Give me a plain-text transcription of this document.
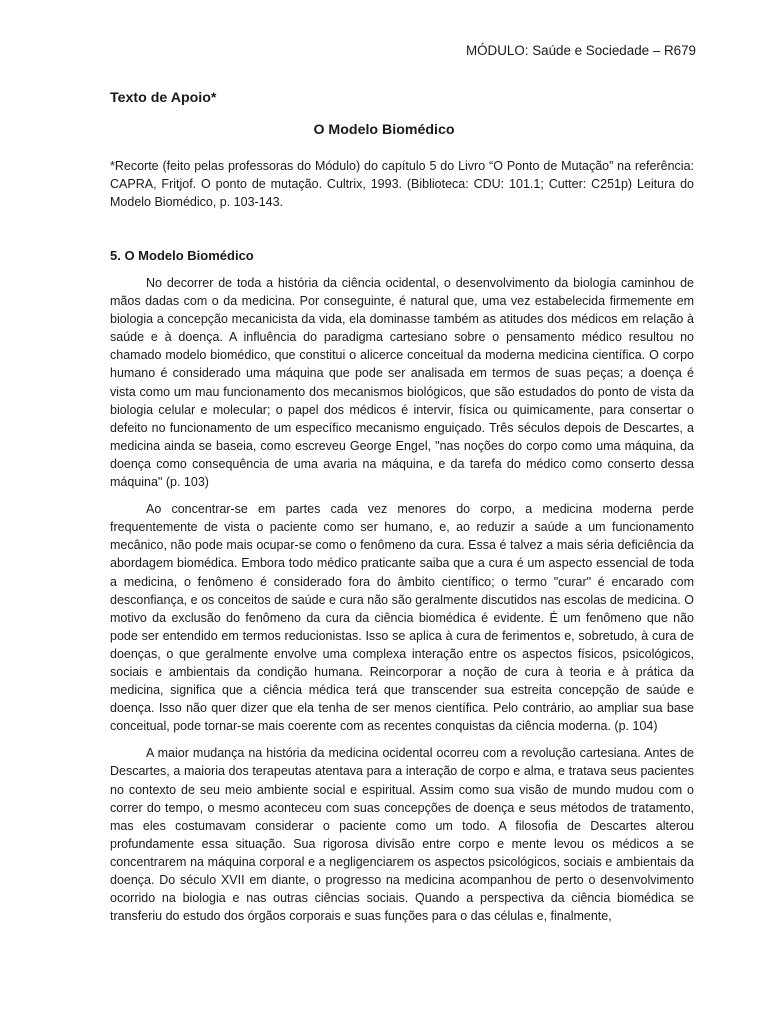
MÓDULO: Saúde e Sociedade – R679
Texto de Apoio*
O Modelo Biomédico
*Recorte (feito pelas professoras do Módulo) do capítulo 5 do Livro “O Ponto de Mutação” na referência: CAPRA, Fritjof. O ponto de mutação. Cultrix, 1993. (Biblioteca: CDU: 101.1; Cutter: C251p) Leitura do Modelo Biomédico, p. 103-143.
5. O Modelo Biomédico

No decorrer de toda a história da ciência ocidental, o desenvolvimento da biologia caminhou de mãos dadas com o da medicina. Por conseguinte, é natural que, uma vez estabelecida firmemente em biologia a concepção mecanicista da vida, ela dominasse também as atitudes dos médicos em relação à saúde e à doença. A influência do paradigma cartesiano sobre o pensamento médico resultou no chamado modelo biomédico, que constitui o alicerce conceitual da moderna medicina científica. O corpo humano é considerado uma máquina que pode ser analisada em termos de suas peças; a doença é vista como um mau funcionamento dos mecanismos biológicos, que são estudados do ponto de vista da biologia celular e molecular; o papel dos médicos é intervir, física ou quimicamente, para consertar o defeito no funcionamento de um específico mecanismo enguiçado. Três séculos depois de Descartes, a medicina ainda se baseia, como escreveu George Engel, "nas noções do corpo como uma máquina, da doença como consequência de uma avaria na máquina, e da tarefa do médico como conserto dessa máquina" (p. 103)

Ao concentrar-se em partes cada vez menores do corpo, a medicina moderna perde frequentemente de vista o paciente como ser humano, e, ao reduzir a saúde a um funcionamento mecânico, não pode mais ocupar-se como o fenômeno da cura. Essa é talvez a mais séria deficiência da abordagem biomédica. Embora todo médico praticante saiba que a cura é um aspecto essencial de toda a medicina, o fenômeno é considerado fora do âmbito científico; o termo "curar" é encarado com desconfiança, e os conceitos de saúde e cura não são geralmente discutidos nas escolas de medicina. O motivo da exclusão do fenômeno da cura da ciência biomédica é evidente. É um fenômeno que não pode ser entendido em termos reducionistas. Isso se aplica à cura de ferimentos e, sobretudo, à cura de doenças, o que geralmente envolve uma complexa interação entre os aspectos físicos, psicológicos, sociais e ambientais da condição humana. Reincorporar a noção de cura à teoria e à prática da medicina, significa que a ciência médica terá que transcender sua estreita concepção de saúde e doença. Isso não quer dizer que ela tenha de ser menos científica. Pelo contrário, ao ampliar sua base conceitual, pode tornar-se mais coerente com as recentes conquistas da ciência moderna. (p. 104)

A maior mudança na história da medicina ocidental ocorreu com a revolução cartesiana. Antes de Descartes, a maioria dos terapeutas atentava para a interação de corpo e alma, e tratava seus pacientes no contexto de seu meio ambiente social e espiritual. Assim como sua visão de mundo mudou com o correr do tempo, o mesmo aconteceu com suas concepções de doença e seus métodos de tratamento, mas eles costumavam considerar o paciente como um todo. A filosofia de Descartes alterou profundamente essa situação. Sua rigorosa divisão entre corpo e mente levou os médicos a se concentrarem na máquina corporal e a negligenciarem os aspectos psicológicos, sociais e ambientais da doença. Do século XVII em diante, o progresso na medicina acompanhou de perto o desenvolvimento ocorrido na biologia e nas outras ciências sociais. Quando a perspectiva da ciência biomédica se transferiu do estudo dos órgãos corporais e suas funções para o das células e, finalmente,
